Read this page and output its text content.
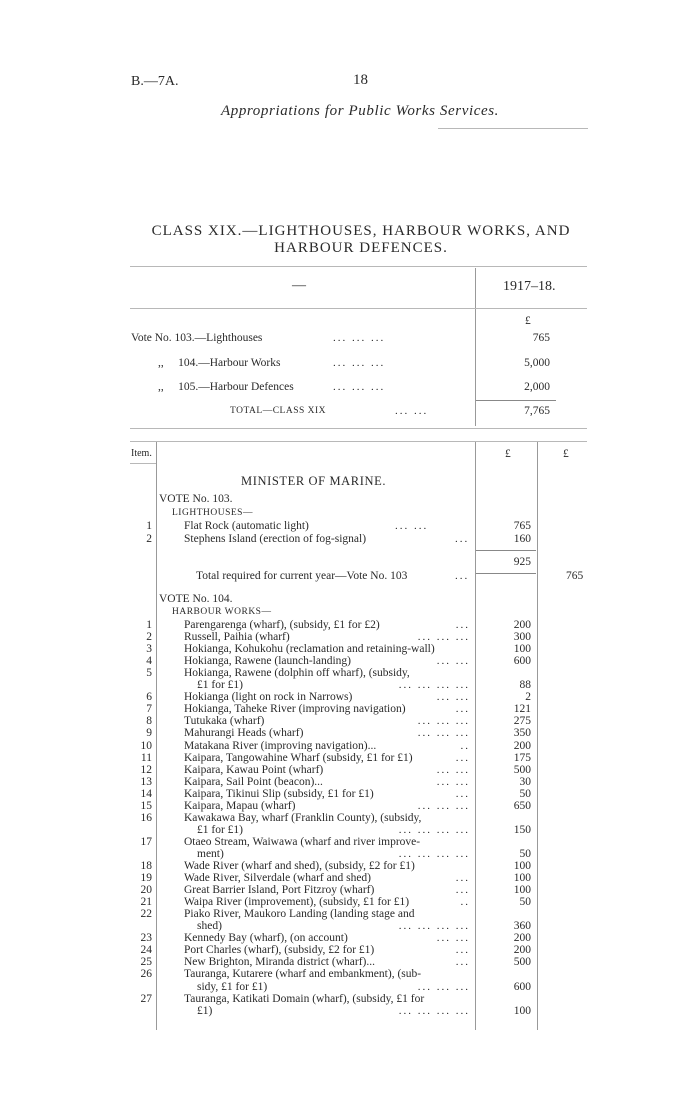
B.—7A.	18
Appropriations for Public Works Services.
CLASS XIX.—LIGHTHOUSES, HARBOUR WORKS, AND
HARBOUR DEFENCES.
—	1917–18.
£
Vote No. 103.—Lighthouses	... ... ...	765
,,     104.—Harbour Works	... ... ...	5,000
,,     105.—Harbour Defences	... ... ...	2,000
TOTAL—CLASS XIX	... ...	7,765
Item.	£	£
MINISTER OF MARINE.
VOTE No. 103.
LIGHTHOUSES—
1	Flat Rock (automatic light)	... ...	765
2	Stephens Island (erection of fog-signal)	...	160
925
Total required for current year—Vote No. 103	...	765
VOTE No. 104.
HARBOUR WORKS—
1	Parengarenga (wharf), (subsidy, £1 for £2)	...	200
2	Russell, Paihia (wharf)	... ... ...	300
3	Hokianga, Kohukohu (reclamation and retaining-wall)	100
4	Hokianga, Rawene (launch-landing)	... ...	600
5	Hokianga, Rawene (dolphin off wharf), (subsidy,
£1 for £1)	... ... ... ...	88
6	Hokianga (light on rock in Narrows)	... ...	2
7	Hokianga, Taheke River (improving navigation)	...	121
8	Tutukaka (wharf)	... ... ...	275
9	Mahurangi Heads (wharf)	... ... ...	350
10	Matakana River (improving navigation)...	..	200
11	Kaipara, Tangowahine Wharf (subsidy, £1 for £1)	...	175
12	Kaipara, Kawau Point (wharf)	... ...	500
13	Kaipara, Sail Point (beacon)...	... ...	30
14	Kaipara, Tikinui Slip (subsidy, £1 for £1)	...	50
15	Kaipara, Mapau (wharf)	... ... ...	650
16	Kawakawa Bay, wharf (Franklin County), (subsidy,
£1 for £1)	... ... ... ...	150
17	Otaeo Stream, Waiwawa (wharf and river improve-
ment)	... ... ... ...	50
18	Wade River (wharf and shed), (subsidy, £2 for £1)	100
19	Wade River, Silverdale (wharf and shed)	...	100
20	Great Barrier Island, Port Fitzroy (wharf)	...	100
21	Waipa River (improvement), (subsidy, £1 for £1)	..	50
22	Piako River, Maukoro Landing (landing stage and
shed)	... ... ... ...	360
23	Kennedy Bay (wharf), (on account)	... ...	200
24	Port Charles (wharf), (subsidy, £2 for £1)	...	200
25	New Brighton, Miranda district (wharf)...	...	500
26	Tauranga, Kutarere (wharf and embankment), (sub-
sidy, £1 for £1)	... ... ...	600
27	Tauranga, Katikati Domain (wharf), (subsidy, £1 for
£1)	... ... ... ...	100
